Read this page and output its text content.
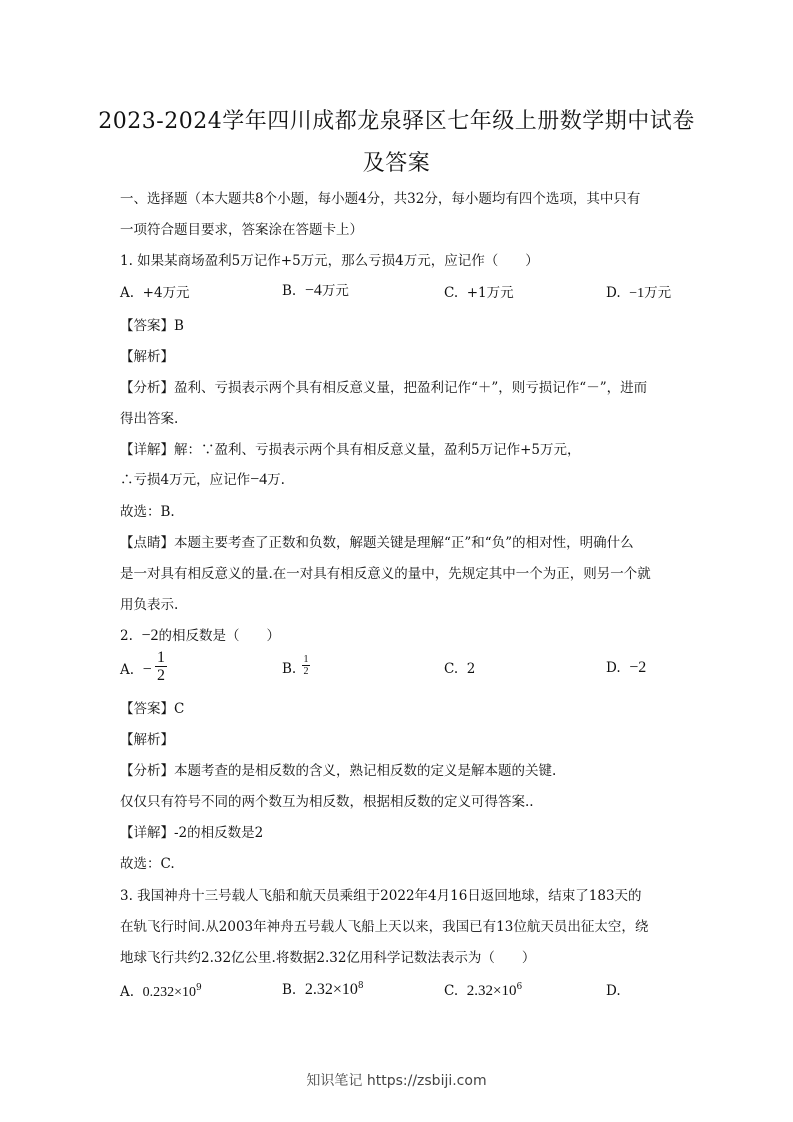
2023-2024学年四川成都龙泉驿区七年级上册数学期中试卷
及答案
一、选择题（本大题共8个小题，每小题4分，共32分，每小题均有四个选项，其中只有
一项符合题目要求，答案涂在答题卡上）
1. 如果某商场盈利5万记作+5万元，那么亏损4万元，应记作（　　）
A. +4万元	B. −4万元	C. +1万元	D. −1万元
【答案】B
【解析】
【分析】盈利、亏损表示两个具有相反意义量，把盈利记作“＋”，则亏损记作“－”，进而
得出答案.
【详解】解：∵盈利、亏损表示两个具有相反意义量，盈利5万记作+5万元，
∴亏损4万元，应记作−4万.
故选：B.
【点睛】本题主要考查了正数和负数，解题关键是理解“正”和“负”的相对性，明确什么
是一对具有相反意义的量.在一对具有相反意义的量中，先规定其中一个为正，则另一个就
用负表示.
2. −2的相反数是（　　）
A. −
1
2	B.
1
2	C. 2	D. −2
【答案】C
【解析】
【分析】本题考查的是相反数的含义，熟记相反数的定义是解本题的关键.
仅仅只有符号不同的两个数互为相反数，根据相反数的定义可得答案..
【详解】-2的相反数是2
故选：C.
3. 我国神舟十三号载人飞船和航天员乘组于2022年4月16日返回地球，结束了183天的
在轨飞行时间.从2003年神舟五号载人飞船上天以来，我国已有13位航天员出征太空，绕
地球飞行共约2.32亿公里.将数据2.32亿用科学记数法表示为（　　）
A. $0.232\times 10^9$	B. $2.32\times 10^8$	C. $2.32\times 10^6$	D.
知识笔记 https://zsbiji.com
